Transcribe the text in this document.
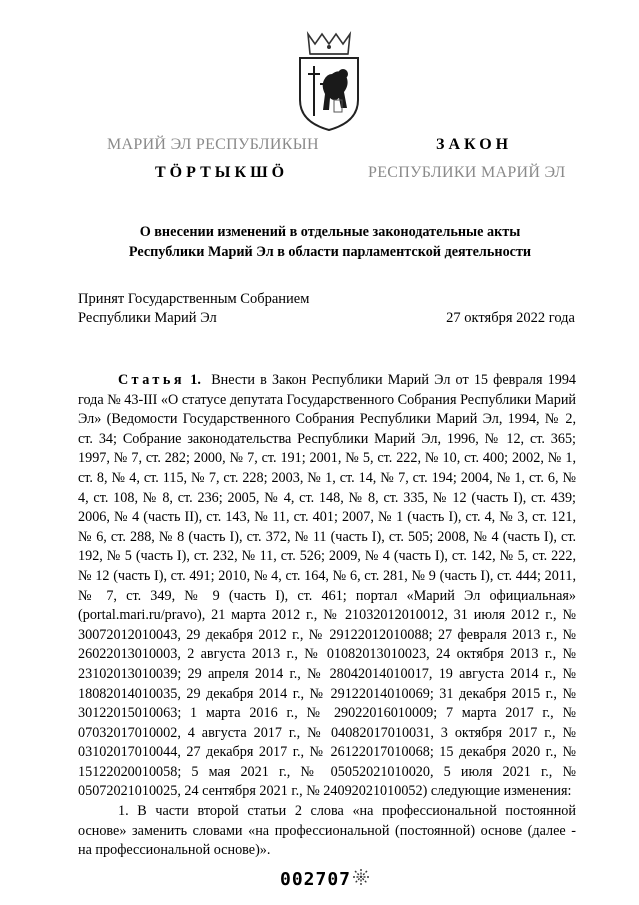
МАРИЙ ЭЛ РЕСПУБЛИКЫН
ТӦРТЫКШӦ
ЗАКОН
РЕСПУБЛИКИ МАРИЙ ЭЛ
О внесении изменений в отдельные законодательные акты
Республики Марий Эл в области парламентской деятельности
Принят Государственным Собранием
Республики Марий Эл	27 октября 2022 года

Статья 1. Внести в Закон Республики Марий Эл от 15 февраля 1994 года № 43-III «О статусе депутата Государственного Собрания Республики Марий Эл» (Ведомости Государственного Собрания Республики Марий Эл, 1994, № 2, ст. 34; Собрание законодательства Республики Марий Эл, 1996, № 12, ст. 365; 1997, № 7, ст. 282; 2000, № 7, ст. 191; 2001, № 5, ст. 222, № 10, ст. 400; 2002, № 1, ст. 8, № 4, ст. 115, № 7, ст. 228; 2003, № 1, ст. 14, № 7, ст. 194; 2004, № 1, ст. 6, № 4, ст. 108, № 8, ст. 236; 2005, № 4, ст. 148, № 8, ст. 335, № 12 (часть I), ст. 439; 2006, № 4 (часть II), ст. 143, № 11, ст. 401; 2007, № 1 (часть I), ст. 4, № 3, ст. 121, № 6, ст. 288, № 8 (часть I), ст. 372, № 11 (часть I), ст. 505; 2008, № 4 (часть I), ст. 192, № 5 (часть I), ст. 232, № 11, ст. 526; 2009, № 4 (часть I), ст. 142, № 5, ст. 222, № 12 (часть I), ст. 491; 2010, № 4, ст. 164, № 6, ст. 281, № 9 (часть I), ст. 444; 2011, № 7, ст. 349, № 9 (часть I), ст. 461; портал «Марий Эл официальная» (portal.mari.ru/pravo), 21 марта 2012 г., № 21032012010012, 31 июля 2012 г., № 30072012010043, 29 декабря 2012 г., № 29122012010088; 27 февраля 2013 г., № 26022013010003, 2 августа 2013 г., № 01082013010023, 24 октября 2013 г., № 23102013010039; 29 апреля 2014 г., № 28042014010017, 19 августа 2014 г., № 18082014010035, 29 декабря 2014 г., № 29122014010069; 31 декабря 2015 г., № 30122015010063; 1 марта 2016 г., № 29022016010009; 7 марта 2017 г., № 07032017010002, 4 августа 2017 г., № 04082017010031, 3 октября 2017 г., № 03102017010044, 27 декабря 2017 г., № 26122017010068; 15 декабря 2020 г., № 15122020010058; 5 мая 2021 г., № 05052021010020, 5 июля 2021 г., № 05072021010025, 24 сентября 2021 г., № 24092021010052) следующие изменения:

1. В части второй статьи 2 слова «на профессиональной постоянной основе» заменить словами «на профессиональной (постоянной) основе (далее - на профессиональной основе)».

002707
